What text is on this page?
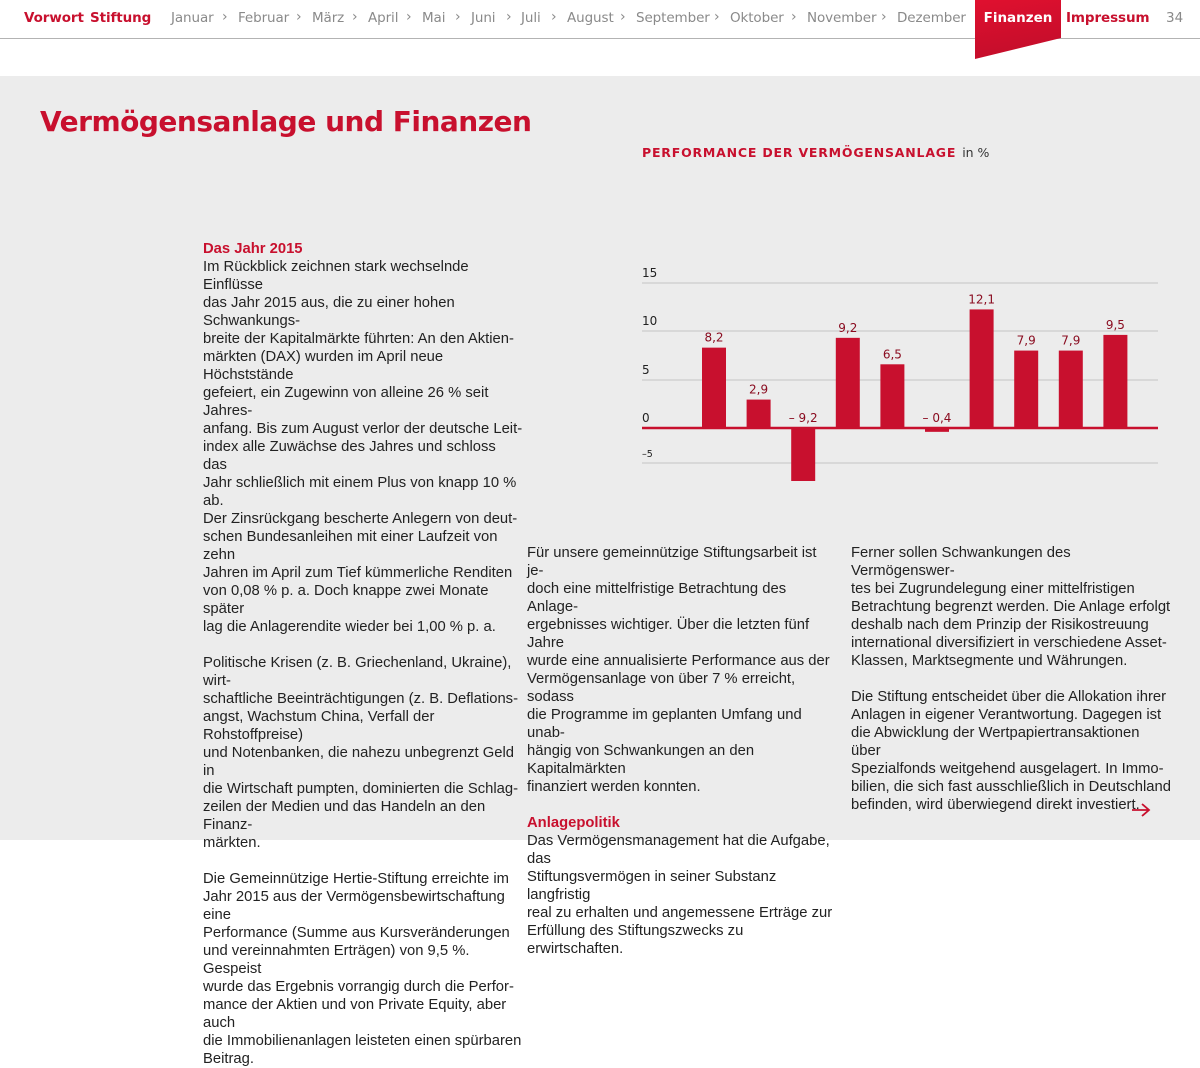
Vorwort Stiftung Januar › Februar › März › April › Mai › Juni › Juli › August › September › Oktober › November › Dezember	Impressum 34
Finanzen
Vermögensanlage und Finanzen

Das Jahr 2015

Im Rückblick zeichnen stark wechselnde Einflüsse
das Jahr 2015 aus, die zu einer hohen Schwankungs-
breite der Kapitalmärkte führten: An den Aktien-
märkten (DAX) wurden im April neue Höchststände
gefeiert, ein Zugewinn von alleine 26 % seit Jahres-
anfang. Bis zum August verlor der deutsche Leit-
index alle Zuwächse des Jahres und schloss das
Jahr schließlich mit einem Plus von knapp 10 % ab.
Der Zinsrückgang bescherte Anlegern von deut-
schen Bundesanleihen mit einer Laufzeit von zehn
Jahren im April zum Tief kümmerliche Renditen
von 0,08 % p. a. Doch knappe zwei Monate später
lag die Anlagerendite wieder bei 1,00 % p. a.

Politische Krisen (z. B. Griechenland, Ukraine), wirt-
schaftliche Beeinträchtigungen (z. B. Deflations-
angst, Wachstum China, Verfall der Rohstoffpreise)
und Notenbanken, die nahezu unbegrenzt Geld in
die Wirtschaft pumpten, dominierten die Schlag-
zeilen der Medien und das Handeln an den Finanz-
märkten.

Die Gemeinnützige Hertie-Stiftung erreichte im
Jahr 2015 aus der Vermögensbewirtschaftung eine
Performance (Summe aus Kursveränderungen
und vereinnahmten Erträgen) von 9,5 %. Gespeist
wurde das Ergebnis vorrangig durch die Perfor-
mance der Aktien und von Private Equity, aber auch
die Immobilienanlagen leisteten einen spürbaren
Beitrag.

Für unsere gemeinnützige Stiftungsarbeit ist je-
doch eine mittelfristige Betrachtung des Anlage-
ergebnisses wichtiger. Über die letzten fünf Jahre
wurde eine annualisierte Performance aus der
Vermögensanlage von über 7 % erreicht, sodass
die Programme im geplanten Umfang und unab-
hängig von Schwankungen an den Kapitalmärkten
finanziert werden konnten.

Anlagepolitik

Das Vermögensmanagement hat die Aufgabe, das
Stiftungsvermögen in seiner Substanz langfristig
real zu erhalten und angemessene Erträge zur
Erfüllung des Stiftungszwecks zu erwirtschaften.

Ferner sollen Schwankungen des Vermögenswer-
tes bei Zugrundelegung einer mittelfristigen
Betrachtung begrenzt werden. Die Anlage erfolgt
deshalb nach dem Prinzip der Risikostreuung
international diversifiziert in verschiedene Asset-
Klassen, Marktsegmente und Währungen.

Die Stiftung entscheidet über die Allokation ihrer
Anlagen in eigener Verantwortung. Dagegen ist
die Abwicklung der Wertpapiertransaktionen über
Spezialfonds weitgehend ausgelagert. In Immo-
bilien, die sich fast ausschließlich in Deutschland
befinden, wird überwiegend direkt investiert.

PERFORMANCE DER VERMÖGENSANLAGE in %
15
10
5
0
–5
8,2
2,9
– 9,2
9,2
6,5
– 0,4
12,1
7,9 7,9
9,5
